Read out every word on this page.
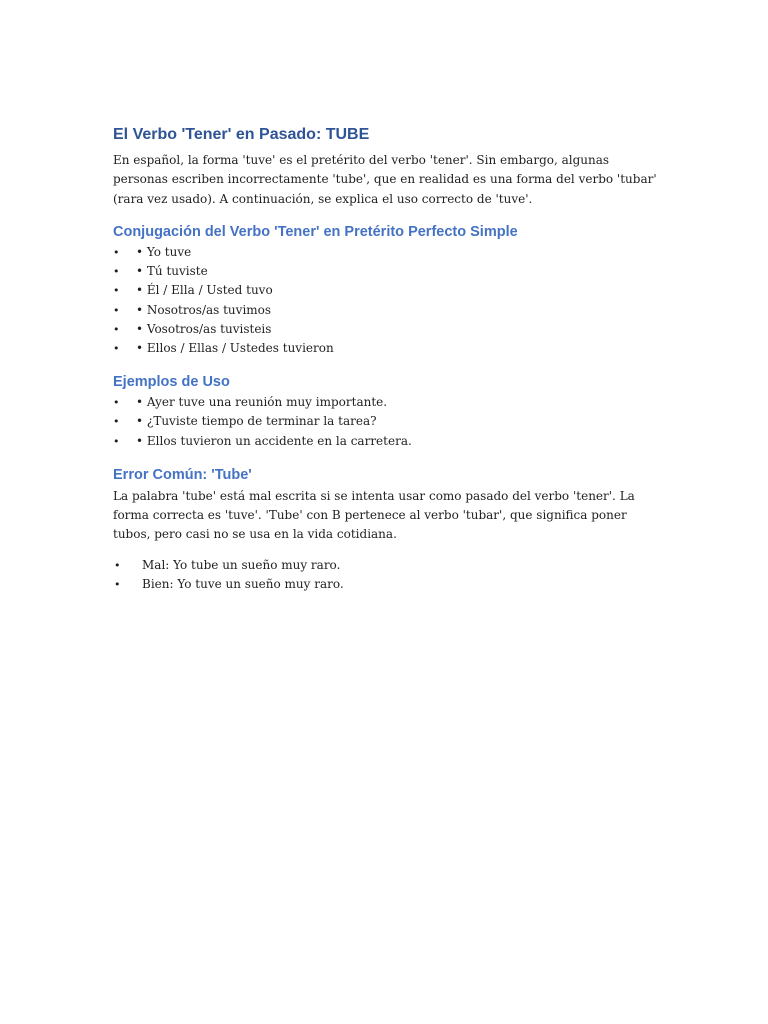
El Verbo 'Tener' en Pasado: TUBE

En español, la forma 'tuve' es el pretérito del verbo 'tener'. Sin embargo, algunas personas escriben incorrectamente 'tube', que en realidad es una forma del verbo 'tubar' (rara vez usado). A continuación, se explica el uso correcto de 'tuve'.

Conjugación del Verbo 'Tener' en Pretérito Perfecto Simple
• • Yo tuve
• • Tú tuviste
• • Él / Ella / Usted tuvo
• • Nosotros/as tuvimos
• • Vosotros/as tuvisteis
• • Ellos / Ellas / Ustedes tuvieron
Ejemplos de Uso
• • Ayer tuve una reunión muy importante.
• • ¿Tuviste tiempo de terminar la tarea?
• • Ellos tuvieron un accidente en la carretera.
Error Común: 'Tube'

La palabra 'tube' está mal escrita si se intenta usar como pasado del verbo 'tener'. La forma correcta es 'tuve'. 'Tube' con B pertenece al verbo 'tubar', que significa poner tubos, pero casi no se usa en la vida cotidiana.

• Mal: Yo tube un sueño muy raro.
• Bien: Yo tuve un sueño muy raro.
